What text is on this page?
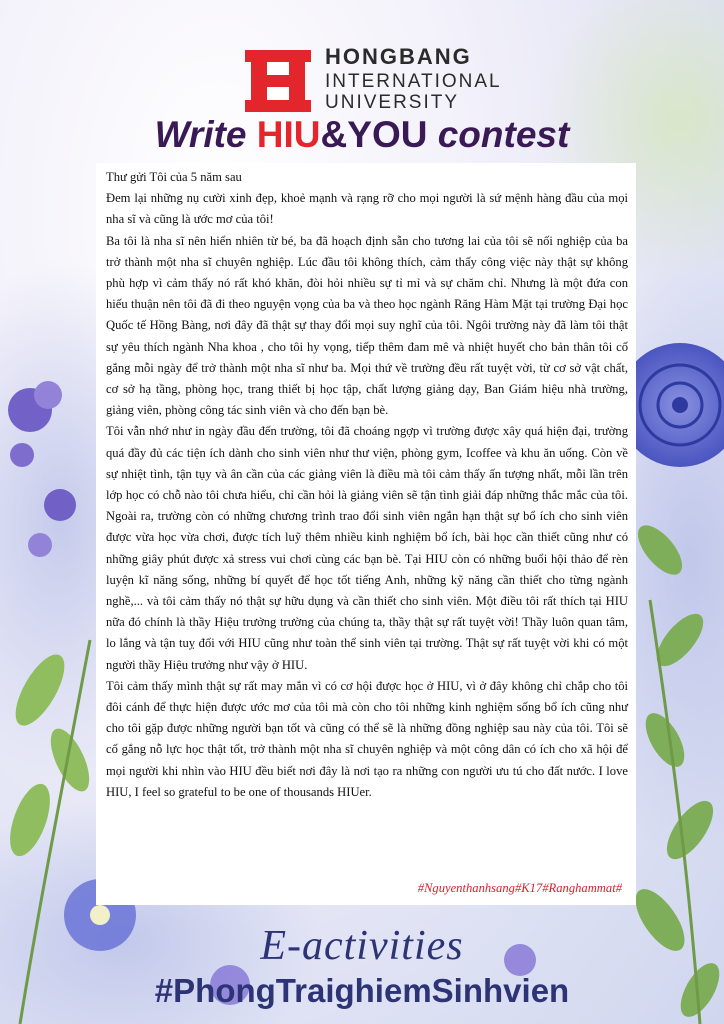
HONGBANG
INTERNATIONAL
UNIVERSITY
Write HIU&YOU contest

Thư gửi Tôi của 5 năm sau

Đem lại những nụ cười xinh đẹp, khoẻ mạnh và rạng rỡ cho mọi người là sứ mệnh hàng đầu của mọi nha sĩ và cũng là ước mơ của tôi!

Ba tôi là nha sĩ nên hiển nhiên từ bé, ba đã hoạch định sẵn cho tương lai của tôi sẽ nối nghiệp của ba trở thành một nha sĩ chuyên nghiệp. Lúc đầu tôi không thích, cảm thấy công việc này thật sự không phù hợp vì cảm thấy nó rất khó khăn, đòi hỏi nhiều sự tỉ mỉ và sự chăm chỉ. Nhưng là một đứa con hiếu thuận nên tôi đã đi theo nguyện vọng của ba và theo học ngành Răng Hàm Mặt tại trường Đại học Quốc tế Hồng Bàng, nơi đây đã thật sự thay đổi mọi suy nghĩ của tôi. Ngôi trường này đã làm tôi thật sự yêu thích ngành Nha khoa , cho tôi hy vọng, tiếp thêm đam mê và nhiệt huyết cho bản thân tôi cố gắng mỗi ngày để trở thành một nha sĩ như ba. Mọi thứ về trường đều rất tuyệt vời, từ cơ sở vật chất, cơ sở hạ tầng, phòng học, trang thiết bị học tập, chất lượng giảng dạy, Ban Giám hiệu nhà trường, giảng viên, phòng công tác sinh viên và cho đến bạn bè.

Tôi vẫn nhớ như in ngày đầu đến trường, tôi đã choáng ngợp vì trường được xây quá hiện đại, trường quá đầy đủ các tiện ích dành cho sinh viên như thư viện, phòng gym, Icoffee và khu ăn uống. Còn về sự nhiệt tình, tận tụy và ân cần của các giảng viên là điều mà tôi cảm thấy ấn tượng nhất, mỗi lần trên lớp học có chỗ nào tôi chưa hiểu, chỉ cần hỏi là giảng viên sẽ tận tình giải đáp những thắc mắc của tôi. Ngoài ra, trường còn có những chương trình trao đổi sinh viên ngắn hạn thật sự bổ ích cho sinh viên được vừa học vừa chơi, được tích luỹ thêm nhiều kinh nghiệm bổ ích, bài học cần thiết cũng như có những giây phút được xả stress vui chơi cùng các bạn bè. Tại HIU còn có những buổi hội thảo để rèn luyện kĩ năng sống, những bí quyết để học tốt tiếng Anh, những kỹ năng cần thiết cho từng ngành nghề,... và tôi cảm thấy nó thật sự hữu dụng và cần thiết cho sinh viên. Một điều tôi rất thích tại HIU nữa đó chính là thầy Hiệu trưởng trường của chúng ta, thầy thật sự rất tuyệt vời! Thầy luôn quan tâm, lo lắng và tận tuỵ đối với HIU cũng như toàn thể sinh viên tại trường. Thật sự rất tuyệt vời khi có một người thầy Hiệu trưởng như vậy ở HIU.

Tôi cảm thấy mình thật sự rất may mắn vì có cơ hội được học ở HIU, vì ở đây không chỉ chắp cho tôi đôi cánh để thực hiện được ước mơ của tôi mà còn cho tôi những kinh nghiệm sống bổ ích cũng như cho tôi gặp được những người bạn tốt và cũng có thể sẽ là những đồng nghiệp sau này của tôi. Tôi sẽ cố gắng nỗ lực học thật tốt, trở thành một nha sĩ chuyên nghiệp và một công dân có ích cho xã hội để mọi người khi nhìn vào HIU đều biết nơi đây là nơi tạo ra những con người ưu tú cho đất nước. I love HIU, I feel so grateful to be one of thousands HIUer.

#Nguyenthanhsang#K17#Ranghammat#
E-activities
#PhongTraighiemSinhvien
